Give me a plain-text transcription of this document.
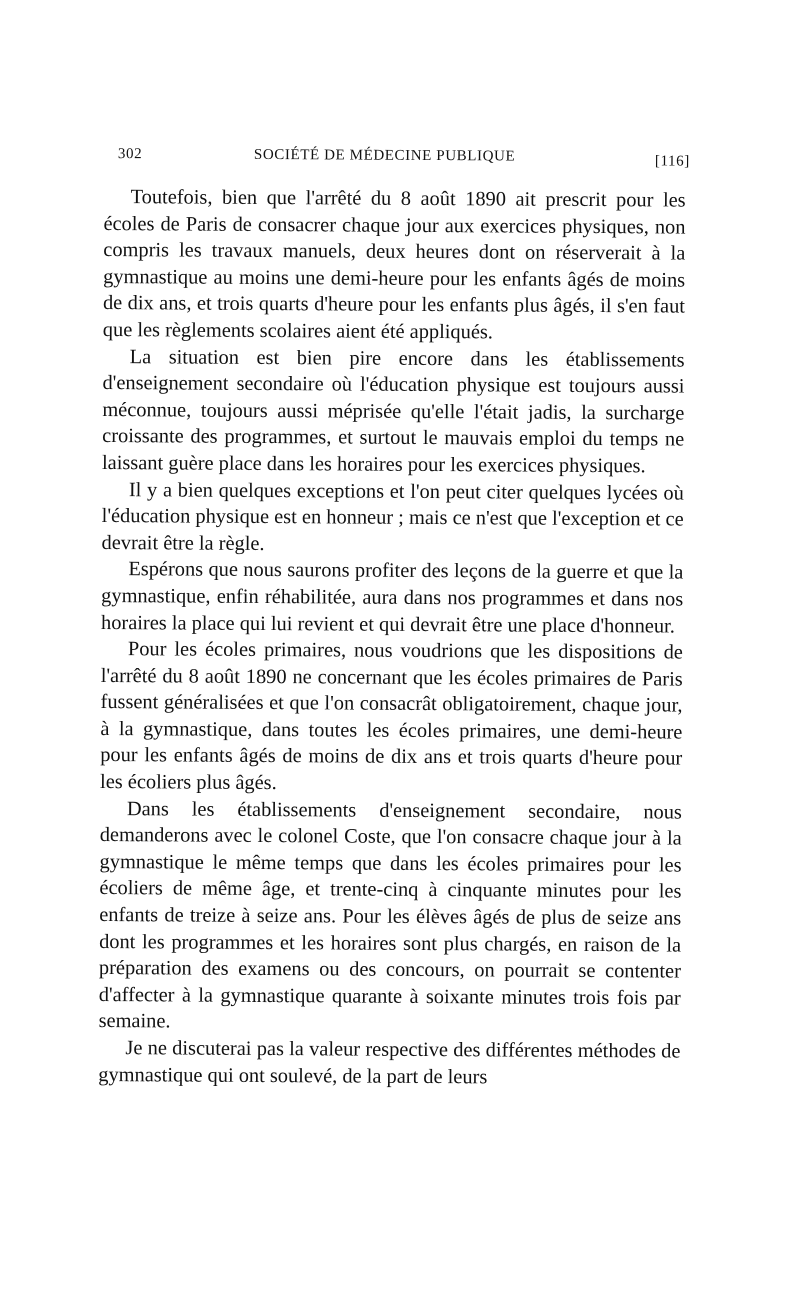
302	SOCIÉTÉ DE MÉDECINE PUBLIQUE	[116]

Toutefois, bien que l'arrêté du 8 août 1890 ait prescrit pour les écoles de Paris de consacrer chaque jour aux exercices physiques, non compris les travaux manuels, deux heures dont on réserverait à la gymnastique au moins une demi-heure pour les enfants âgés de moins de dix ans, et trois quarts d'heure pour les enfants plus âgés, il s'en faut que les règlements scolaires aient été appliqués.

La situation est bien pire encore dans les établissements d'enseignement secondaire où l'éducation physique est toujours aussi méconnue, toujours aussi méprisée qu'elle l'était jadis, la surcharge croissante des programmes, et surtout le mauvais emploi du temps ne laissant guère place dans les horaires pour les exercices physiques.

Il y a bien quelques exceptions et l'on peut citer quelques lycées où l'éducation physique est en honneur ; mais ce n'est que l'exception et ce devrait être la règle.

Espérons que nous saurons profiter des leçons de la guerre et que la gymnastique, enfin réhabilitée, aura dans nos programmes et dans nos horaires la place qui lui revient et qui devrait être une place d'honneur.

Pour les écoles primaires, nous voudrions que les dispositions de l'arrêté du 8 août 1890 ne concernant que les écoles primaires de Paris fussent généralisées et que l'on consacrât obligatoirement, chaque jour, à la gymnastique, dans toutes les écoles primaires, une demi-heure pour les enfants âgés de moins de dix ans et trois quarts d'heure pour les écoliers plus âgés.

Dans les établissements d'enseignement secondaire, nous demanderons avec le colonel Coste, que l'on consacre chaque jour à la gymnastique le même temps que dans les écoles primaires pour les écoliers de même âge, et trente-cinq à cinquante minutes pour les enfants de treize à seize ans. Pour les élèves âgés de plus de seize ans dont les programmes et les horaires sont plus chargés, en raison de la préparation des examens ou des concours, on pourrait se contenter d'affecter à la gymnastique quarante à soixante minutes trois fois par semaine.

Je ne discuterai pas la valeur respective des différentes méthodes de gymnastique qui ont soulevé, de la part de leurs
